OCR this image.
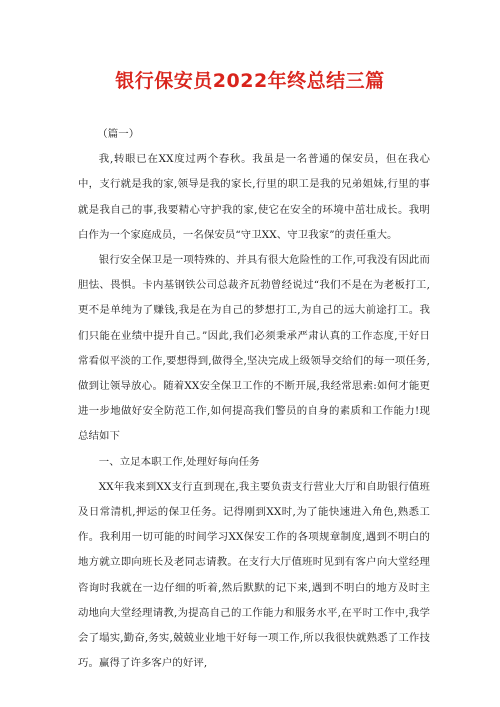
银行保安员2022年终总结三篇

（篇一）

我,转眼已在XX度过两个春秋。我虽是一名普通的保安员，但在我心中，支行就是我的家,领导是我的家长,行里的职工是我的兄弟姐妹,行里的事就是我自己的事,我要精心守护我的家,使它在安全的环境中茁壮成长。我明白作为一个家庭成员，一名保安员“守卫XX、守卫我家”的责任重大。

银行安全保卫是一项特殊的、并具有很大危险性的工作,可我没有因此而胆怯、畏惧。卡内基钢铁公司总裁齐瓦勃曾经说过“我们不是在为老板打工,更不是单纯为了赚钱,我是在为自己的梦想打工,为自己的远大前途打工。我们只能在业绩中提升自己。”因此,我们必须秉承严肃认真的工作态度,干好日常看似平淡的工作,要想得到,做得全,坚决完成上级领导交给们的每一项任务,做到让领导放心。随着XX安全保卫工作的不断开展,我经常思索:如何才能更进一步地做好安全防范工作,如何提高我们警员的自身的素质和工作能力!现总结如下

一、立足本职工作,处理好每向任务

XX年我来到XX支行直到现在,我主要负责支行营业大厅和自助银行值班及日常清机,押运的保卫任务。记得刚到XX时,为了能快速进入角色,熟悉工作。我利用一切可能的时间学习XX保安工作的各项规章制度,遇到不明白的地方就立即向班长及老同志请教。在支行大厅值班时见到有客户向大堂经理咨询时我就在一边仔细的听着,然后默默的记下来,遇到不明白的地方及时主动地向大堂经理请教,为提高自己的工作能力和服务水平,在平时工作中,我学会了塌实,勤奋,务实,兢兢业业地干好每一项工作,所以我很快就熟悉了工作技巧。赢得了许多客户的好评,
